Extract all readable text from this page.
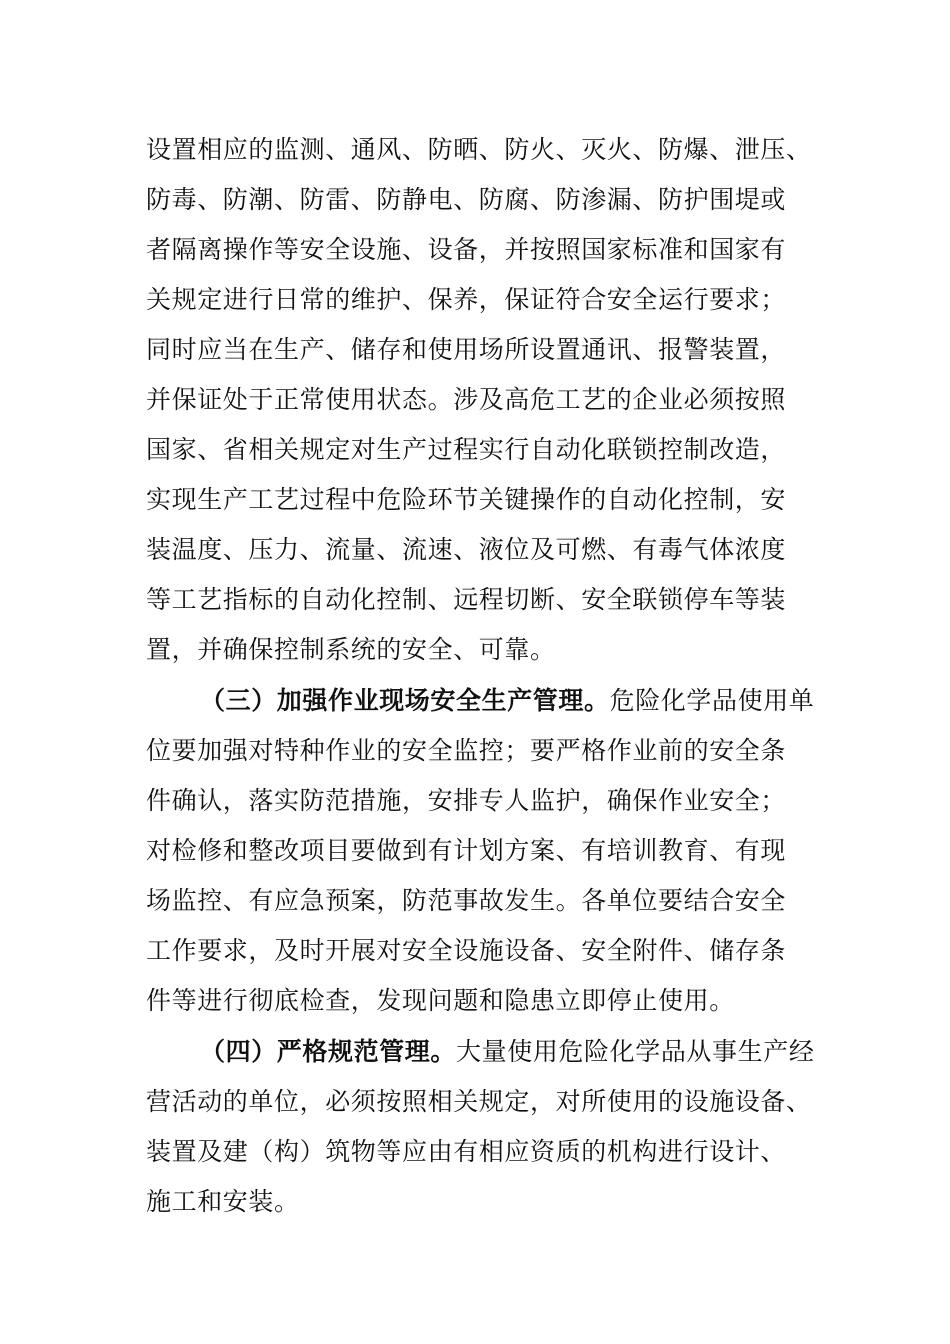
设置相应的监测、通风、防晒、防火、灭火、防爆、泄压、
防毒、防潮、防雷、防静电、防腐、防渗漏、防护围堤或
者隔离操作等安全设施、设备，并按照国家标准和国家有
关规定进行日常的维护、保养，保证符合安全运行要求；
同时应当在生产、储存和使用场所设置通讯、报警装置，
并保证处于正常使用状态。涉及高危工艺的企业必须按照
国家、省相关规定对生产过程实行自动化联锁控制改造，
实现生产工艺过程中危险环节关键操作的自动化控制，安
装温度、压力、流量、流速、液位及可燃、有毒气体浓度
等工艺指标的自动化控制、远程切断、安全联锁停车等装
置，并确保控制系统的安全、可靠。
（三）加强作业现场安全生产管理。危险化学品使用单
位要加强对特种作业的安全监控；要严格作业前的安全条
件确认，落实防范措施，安排专人监护，确保作业安全；
对检修和整改项目要做到有计划方案、有培训教育、有现
场监控、有应急预案，防范事故发生。各单位要结合安全
工作要求，及时开展对安全设施设备、安全附件、储存条
件等进行彻底检查，发现问题和隐患立即停止使用。
（四）严格规范管理。大量使用危险化学品从事生产经
营活动的单位，必须按照相关规定，对所使用的设施设备、
装置及建（构）筑物等应由有相应资质的机构进行设计、
施工和安装。
